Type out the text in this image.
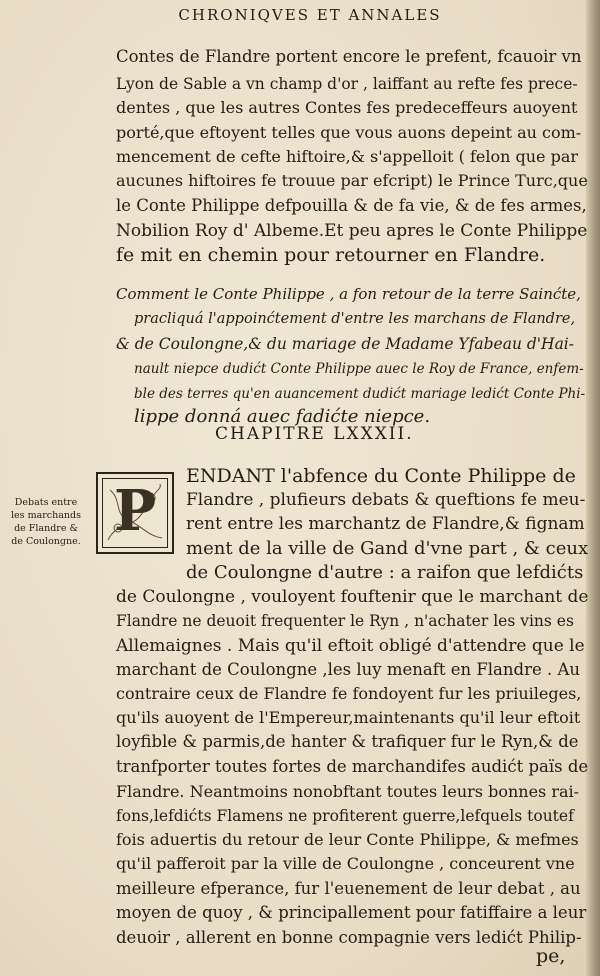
CHRONIQVES ET ANNALES
Contes de Flandre portent encore le prefent, fcauoir vn
Lyon de Sable a vn champ d'or , laiffant au refte fes prece-
dentes , que les autres Contes fes predeceffeurs auoyent
porté,que eftoyent telles que vous auons depeint au com-
mencement de cefte hiftoire,& s'appelloit ( felon que par
aucunes hiftoires fe trouue par efcript) le Prince Turc,que
le Conte Philippe defpouilla & de fa vie, & de fes armes,
Nobilion Roy d' Albeme.Et peu apres le Conte Philippe
fe mit en chemin pour retourner en Flandre.
Comment le Conte Philippe , a fon retour de la terre Sainćte,
pracliquá l'appoinćtement d'entre les marchans de Flandre,
& de Coulongne,& du mariage de Madame Yfabeau d'Hai-
nault niepce dudićt Conte Philippe auec le Roy de France, enfem-
ble des terres qu'en auancement dudićt mariage ledićt Conte Phi-
lippe donná auec fadićte niepce.
CHAPITRE LXXXII.
Debats entre
les marchands
de Flandre &
de Coulongne. P
ENDANT l'abfence du Conte Philippe de
Flandre , plufieurs debats & queftions fe meu-
rent entre les marchantz de Flandre,& fignam
ment de la ville de Gand d'vne part , & ceux
de Coulongne d'autre : a raifon que lefdićts
de Coulongne , vouloyent fouftenir que le marchant de
Flandre ne deuoit frequenter le Ryn , n'achater les vins es
Allemaignes . Mais qu'il eftoit obligé d'attendre que le
marchant de Coulongne ,les luy menaft en Flandre . Au
contraire ceux de Flandre fe fondoyent fur les priuileges,
qu'ils auoyent de l'Empereur,maintenants qu'il leur eftoit
loyfible & parmis,de hanter & trafiquer fur le Ryn,& de
tranfporter toutes fortes de marchandifes audićt païs de
Flandre. Neantmoins nonobftant toutes leurs bonnes rai-
fons,lefdićts Flamens ne profiterent guerre,lefquels toutef
fois aduertis du retour de leur Conte Philippe, & mefmes
qu'il pafferoit par la ville de Coulongne , conceurent vne
meilleure efperance, fur l'euenement de leur debat , au
moyen de quoy , & principallement pour fatiffaire a leur
deuoir , allerent en bonne compagnie vers ledićt Philip-
pe,
